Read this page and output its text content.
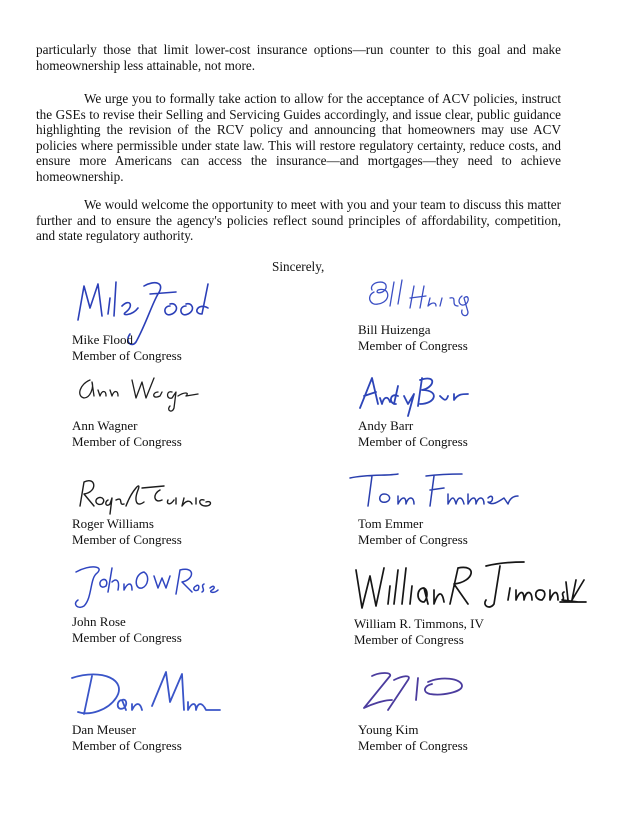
particularly those that limit lower-cost insurance options—run counter to this goal and make homeownership less attainable, not more.

We urge you to formally take action to allow for the acceptance of ACV policies, instruct the GSEs to revise their Selling and Servicing Guides accordingly, and issue clear, public guidance highlighting the revision of the RCV policy and announcing that homeowners may use ACV policies where permissible under state law. This will restore regulatory certainty, reduce costs, and ensure more Americans can access the insurance—and mortgages—they need to achieve homeownership.

We would welcome the opportunity to meet with you and your team to discuss this matter further and to ensure the agency's policies reflect sound principles of affordability, competition, and state regulatory authority.

Sincerely,
Mike Flood
Member of Congress
Bill Huizenga
Member of Congress
Ann Wagner
Member of Congress
Andy Barr
Member of Congress
Roger Williams
Member of Congress
Tom Emmer
Member of Congress
John Rose
Member of Congress
William R. Timmons, IV
Member of Congress
Dan Meuser
Member of Congress
Young Kim
Member of Congress
